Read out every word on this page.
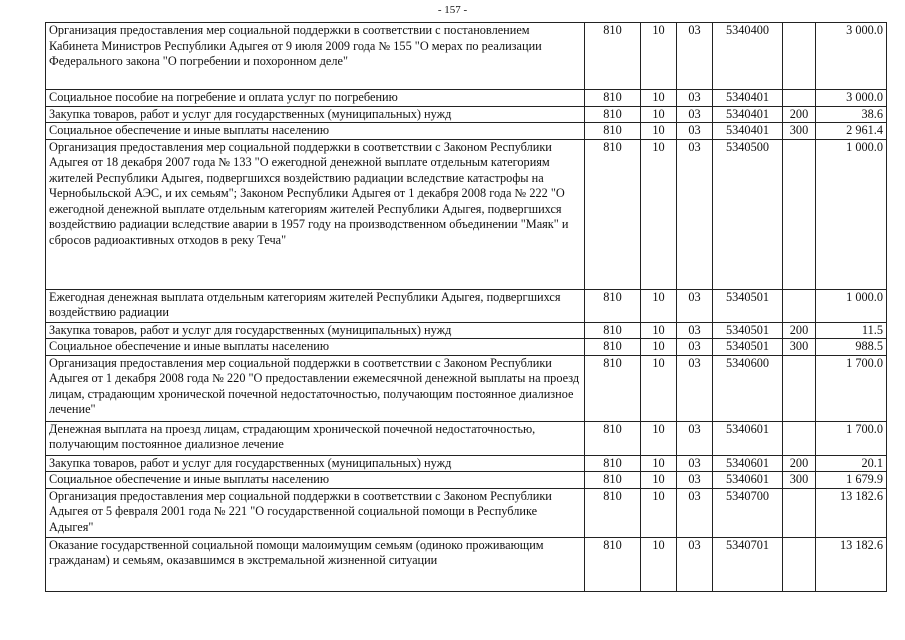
- 157 -
Организация предоставления мер социальной поддержки в соответствии с постановлением Кабинета Министров Республики Адыгея от 9 июля 2009 года № 155 "О мерах по реализации Федерального закона "О погребении и похоронном деле"	810	10	03	5340400		3 000.0
Социальное пособие на погребение и оплата услуг по погребению	810	10	03	5340401		3 000.0
Закупка товаров, работ и услуг для государственных (муниципальных) нужд	810	10	03	5340401	200	38.6
Социальное обеспечение и иные выплаты населению	810	10	03	5340401	300	2 961.4
Организация предоставления мер социальной поддержки в соответствии с Законом Республики Адыгея от 18 декабря 2007 года № 133 "О ежегодной денежной выплате отдельным категориям жителей Республики Адыгея, подвергшихся воздействию радиации вследствие катастрофы на Чернобыльской АЭС, и их семьям"; Законом Республики Адыгея от 1 декабря 2008 года № 222 "О ежегодной денежной выплате отдельным категориям жителей Республики Адыгея, подвергшихся воздействию радиации вследствие аварии в 1957 году на производственном объединении "Маяк" и сбросов радиоактивных отходов в реку Теча"	810	10	03	5340500		1 000.0
Ежегодная денежная выплата отдельным категориям жителей Республики Адыгея, подвергшихся воздействию радиации	810	10	03	5340501		1 000.0
Закупка товаров, работ и услуг для государственных (муниципальных) нужд	810	10	03	5340501	200	11.5
Социальное обеспечение и иные выплаты населению	810	10	03	5340501	300	988.5
Организация предоставления мер социальной поддержки в соответствии с Законом Республики Адыгея от 1 декабря 2008 года № 220 "О предоставлении ежемесячной денежной выплаты на проезд лицам, страдающим хронической почечной недостаточностью, получающим постоянное диализное лечение"	810	10	03	5340600		1 700.0
Денежная выплата на проезд лицам, страдающим хронической почечной недостаточностью, получающим постоянное диализное лечение	810	10	03	5340601		1 700.0
Закупка товаров, работ и услуг для государственных (муниципальных) нужд	810	10	03	5340601	200	20.1
Социальное обеспечение и иные выплаты населению	810	10	03	5340601	300	1 679.9
Организация предоставления мер социальной поддержки в соответствии с Законом Республики Адыгея от 5 февраля 2001 года № 221 "О государственной социальной помощи в Республике Адыгея"	810	10	03	5340700		13 182.6
Оказание государственной социальной помощи малоимущим семьям (одиноко проживающим гражданам) и семьям, оказавшимся в экстремальной жизненной ситуации	810	10	03	5340701		13 182.6
